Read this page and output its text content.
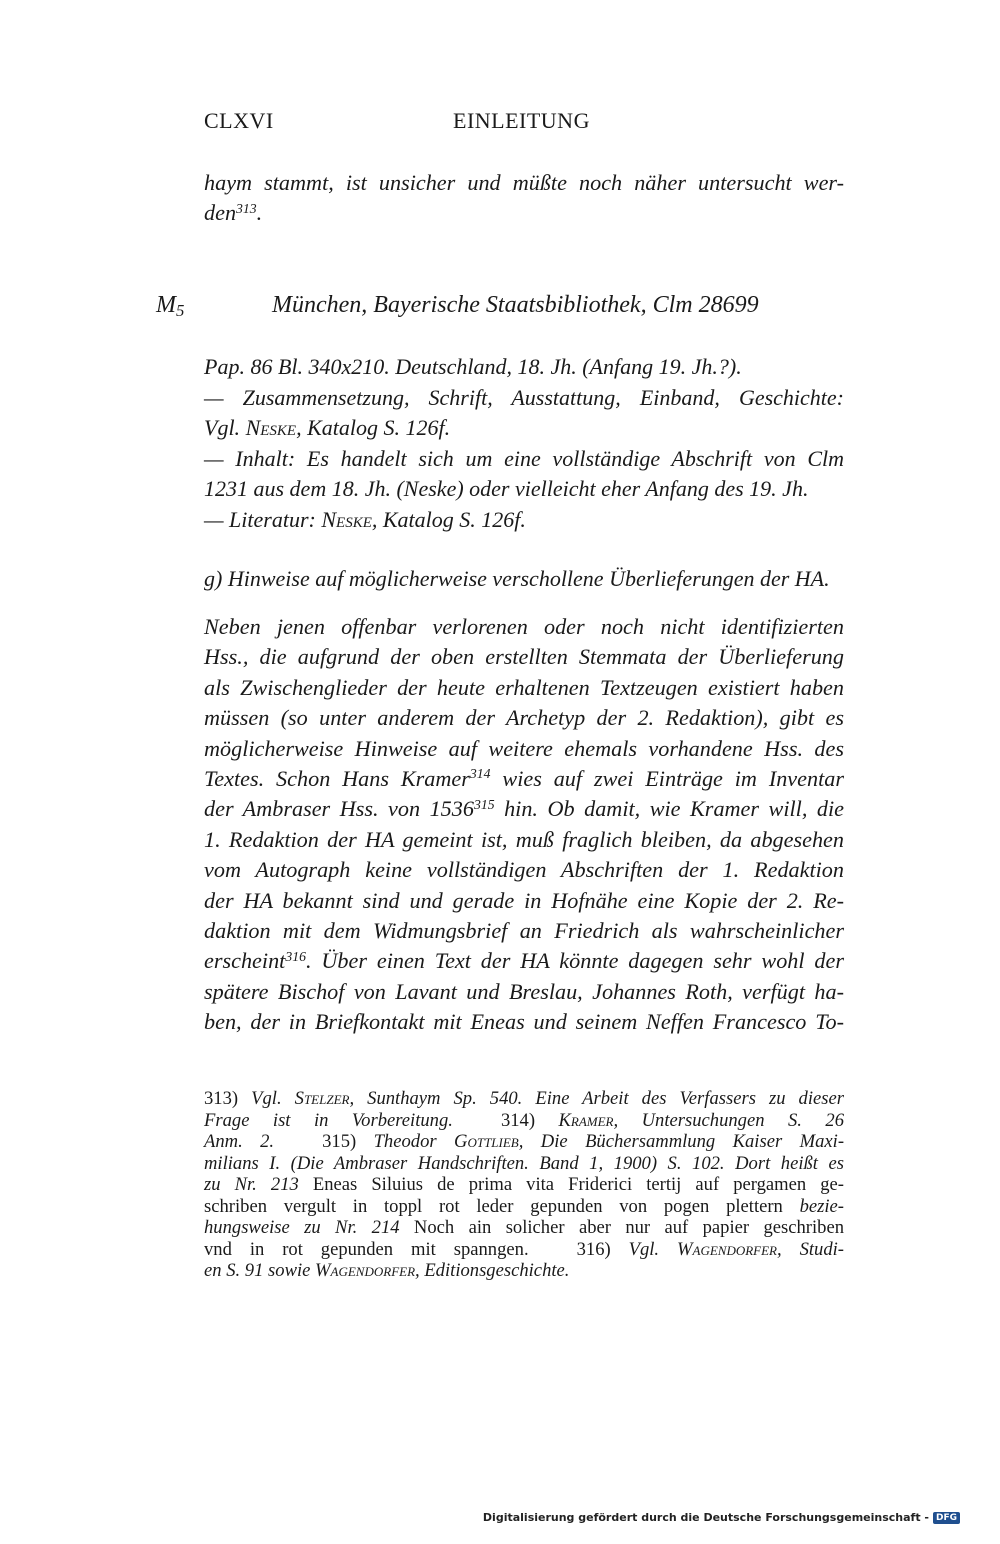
CLXVI	EINLEITUNG
haym stammt, ist unsicher und müßte noch näher untersucht wer-
den$^{313}$.
$M_5$	München, Bayerische Staatsbibliothek, Clm 28699
Pap. 86 Bl. 340x210. Deutschland, 18. Jh. (Anfang 19. Jh.?).
— Zusammensetzung, Schrift, Ausstattung, Einband, Geschichte:
Vgl. Neske, Katalog S. 126f.
— Inhalt: Es handelt sich um eine vollständige Abschrift von Clm
1231 aus dem 18. Jh. (Neske) oder vielleicht eher Anfang des 19. Jh.
— Literatur: Neske, Katalog S. 126f.
g) Hinweise auf möglicherweise verschollene Überlieferungen der HA.
Neben jenen offenbar verlorenen oder noch nicht identifizierten
Hss., die aufgrund der oben erstellten Stemmata der Überlieferung
als Zwischenglieder der heute erhaltenen Textzeugen existiert haben
müssen (so unter anderem der Archetyp der 2. Redaktion), gibt es
möglicherweise Hinweise auf weitere ehemals vorhandene Hss. des
Textes. Schon Hans Kramer$^{314}$ wies auf zwei Einträge im Inventar
der Ambraser Hss. von 1536$^{315}$ hin. Ob damit, wie Kramer will, die
1. Redaktion der HA gemeint ist, muß fraglich bleiben, da abgesehen
vom Autograph keine vollständigen Abschriften der 1. Redaktion
der HA bekannt sind und gerade in Hofnähe eine Kopie der 2. Re-
daktion mit dem Widmungsbrief an Friedrich als wahrscheinlicher
erscheint$^{316}$. Über einen Text der HA könnte dagegen sehr wohl der
spätere Bischof von Lavant und Breslau, Johannes Roth, verfügt ha-
ben, der in Briefkontakt mit Eneas und seinem Neffen Francesco To-
313) Vgl. Stelzer, Sunthaym Sp. 540. Eine Arbeit des Verfassers zu dieser
Frage ist in Vorbereitung.	314) Kramer, Untersuchungen S. 26
Anm. 2.	315) Theodor Gottlieb, Die Büchersammlung Kaiser Maxi-
milians I. (Die Ambraser Handschriften. Band 1, 1900) S. 102. Dort heißt es
zu Nr. 213 Eneas Siluius de prima vita Friderici tertij auf pergamen ge-
schriben vergult in toppl rot leder gepunden von pogen plettern bezie-
hungsweise zu Nr. 214 Noch ain solicher aber nur auf papier geschriben
vnd in rot gepunden mit spanngen.	316) Vgl. Wagendorfer, Studi-
en S. 91 sowie Wagendorfer, Editionsgeschichte.
Digitalisierung gefördert durch die Deutsche Forschungsgemeinschaft - DFG
